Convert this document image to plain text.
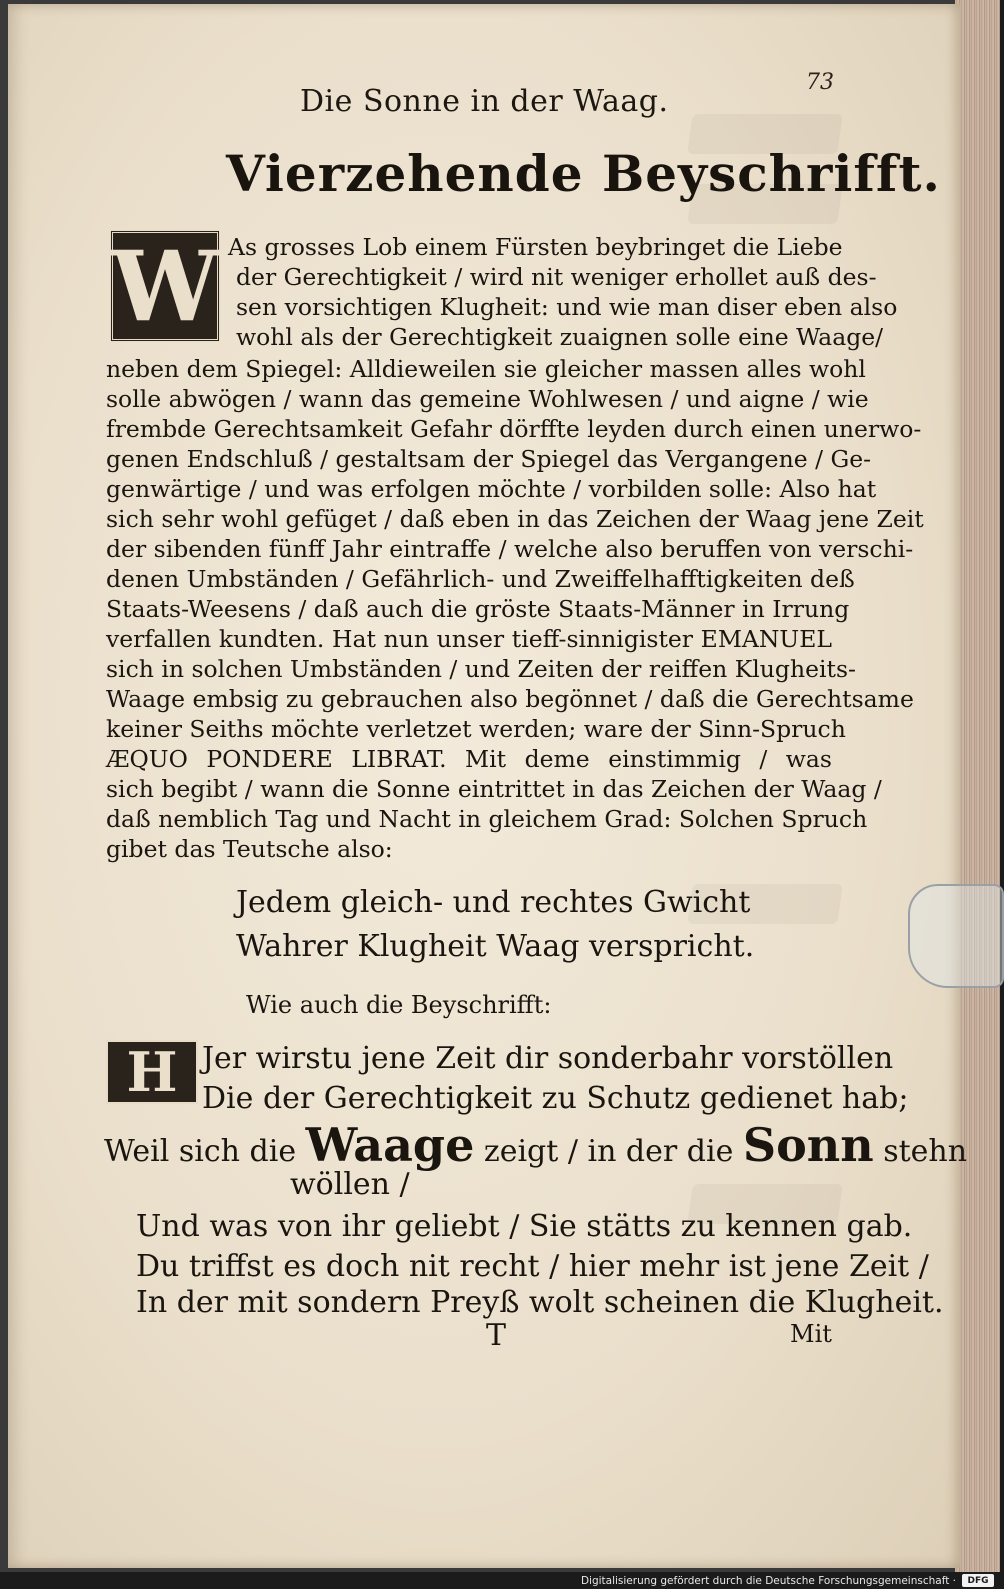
73
Die Sonne in der Waag.
Vierzehende Beyschrifft.
W As grosses Lob einem Fürsten beybringet die Liebe
der Gerechtigkeit / wird nit weniger erhollet auß des-
sen vorsichtigen Klugheit: und wie man diser eben also
wohl als der Gerechtigkeit zuaignen solle eine Waage/
neben dem Spiegel: Alldieweilen sie gleicher massen alles wohl
solle abwögen / wann das gemeine Wohlwesen / und aigne / wie
frembde Gerechtsamkeit Gefahr dörffte leyden durch einen unerwo-
genen Endschluß / gestaltsam der Spiegel das Vergangene / Ge-
genwärtige / und was erfolgen möchte / vorbilden solle: Also hat
sich sehr wohl gefüget / daß eben in das Zeichen der Waag jene Zeit
der sibenden fünff Jahr eintraffe / welche also beruffen von verschi-
denen Umbständen / Gefährlich- und Zweiffelhafftigkeiten deß
Staats-Weesens / daß auch die gröste Staats-Männer in Irrung
verfallen kundten. Hat nun unser tieff-sinnigister EMANUEL
sich in solchen Umbständen / und Zeiten der reiffen Klugheits-
Waage embsig zu gebrauchen also begönnet / daß die Gerechtsame
keiner Seiths möchte verletzet werden; ware der Sinn-Spruch
ÆQUO PONDERE LIBRAT. Mit deme einstimmig / was
sich begibt / wann die Sonne eintrittet in das Zeichen der Waag /
daß nemblich Tag und Nacht in gleichem Grad: Solchen Spruch
gibet das Teutsche also:
Jedem gleich- und rechtes Gwicht
Wahrer Klugheit Waag verspricht.
Wie auch die Beyschrifft:
H Jer wirstu jene Zeit dir sonderbahr vorstöllen
Die der Gerechtigkeit zu Schutz gedienet hab;
Weil sich die Waage zeigt / in der die Sonn stehn
wöllen /
Und was von ihr geliebt / Sie stätts zu kennen gab.
Du triffst es doch nit recht / hier mehr ist jene Zeit /
In der mit sondern Preyß wolt scheinen die Klugheit.
T	Mit
Digitalisierung gefördert durch die Deutsche Forschungsgemeinschaft ·	DFG
